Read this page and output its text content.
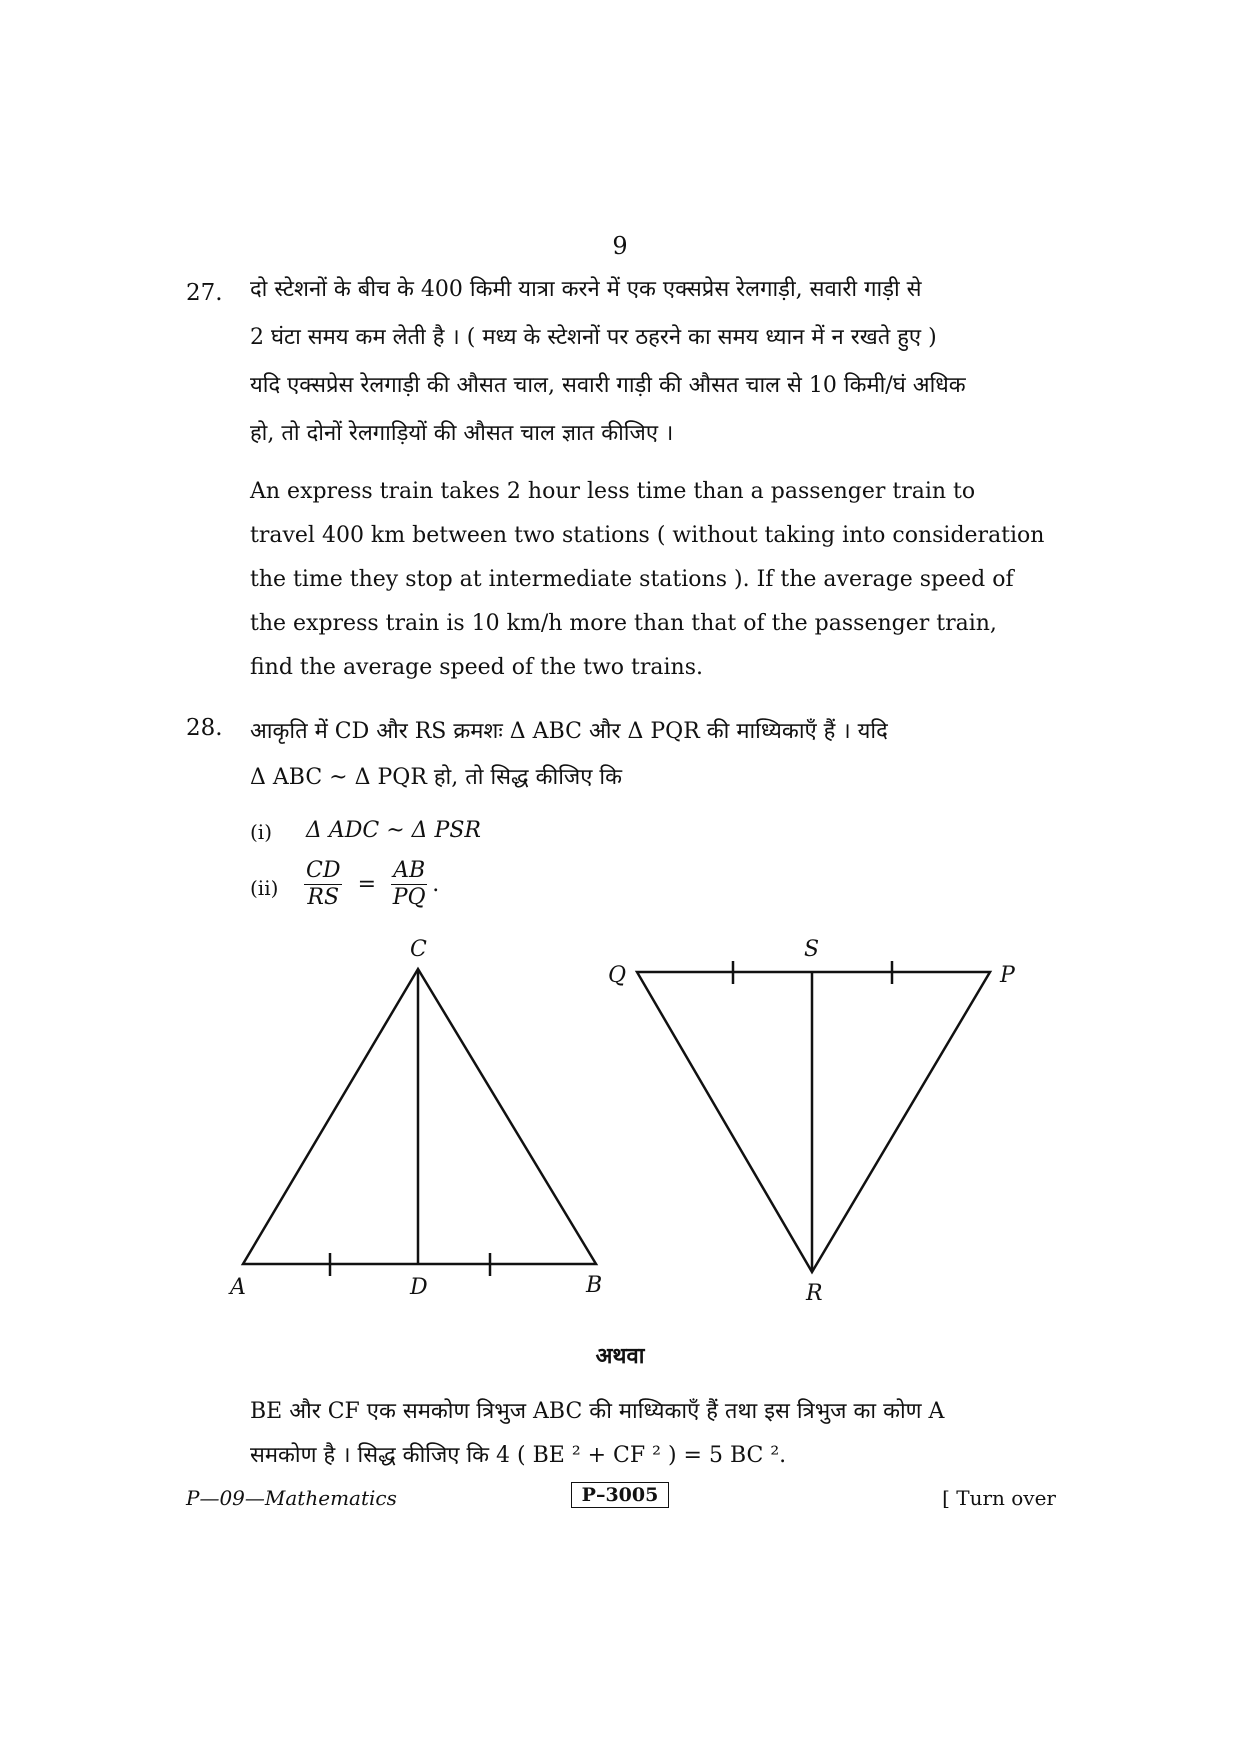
9
27. दो स्टेशनों के बीच के 400 किमी यात्रा करने में एक एक्सप्रेस रेलगाड़ी, सवारी गाड़ी से
2 घंटा समय कम लेती है । ( मध्य के स्टेशनों पर ठहरने का समय ध्यान में न रखते हुए )
यदि एक्सप्रेस रेलगाड़ी की औसत चाल, सवारी गाड़ी की औसत चाल से 10 किमी/घं अधिक
हो, तो दोनों रेलगाड़ियों की औसत चाल ज्ञात कीजिए ।
An express train takes 2 hour less time than a passenger train to
travel 400 km between two stations ( without taking into consideration
the time they stop at intermediate stations ). If the average speed of
the express train is 10 km/h more than that of the passenger train,
find the average speed of the two trains.
28. आकृति में CD और RS क्रमशः Δ ABC और Δ PQR की माध्यिकाएँ हैं । यदि
Δ ABC ~ Δ PQR हो, तो सिद्ध कीजिए कि
(i) Δ ADC ~ Δ PSR
$(ii) \frac{CD}{RS} = \frac{AB}{PQ}$ .
C
A	D	B
S
Q	P
R
अथवा
BE और CF एक समकोण त्रिभुज ABC की माध्यिकाएँ हैं तथा इस त्रिभुज का कोण A
समकोण है । सिद्ध कीजिए कि 4 ( BE ² + CF ² ) = 5 BC ².
P—09—Mathematics	P–3005	[ Turn over
